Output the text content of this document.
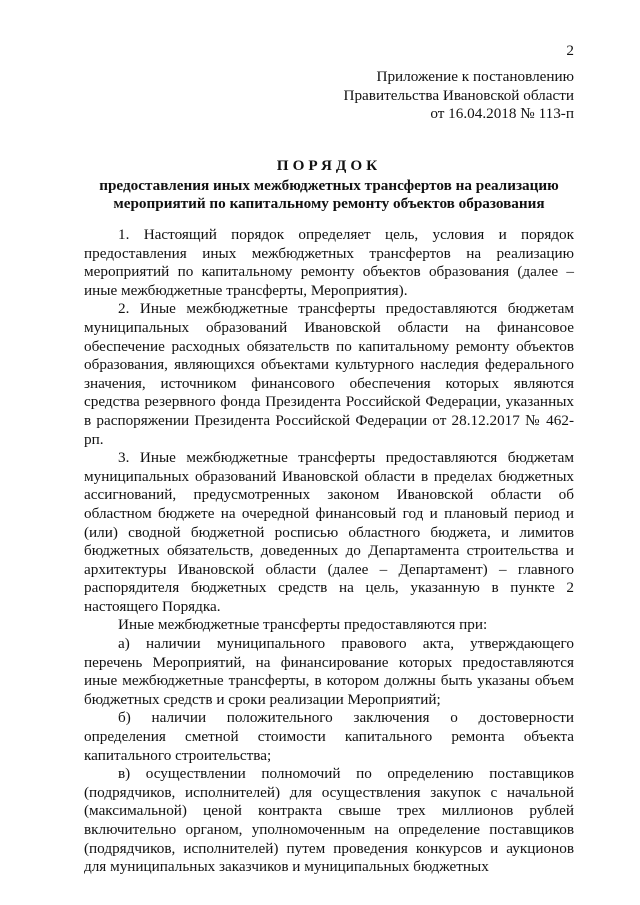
2
Приложение к постановлению
Правительства Ивановской области
от 16.04.2018 № 113-п
ПОРЯДОК
предоставления иных межбюджетных трансфертов на реализацию
мероприятий по капитальному ремонту объектов образования

1. Настоящий порядок определяет цель, условия и порядок предоставления иных межбюджетных трансфертов на реализацию мероприятий по капитальному ремонту объектов образования (далее – иные межбюджетные трансферты, Мероприятия).

2. Иные межбюджетные трансферты предоставляются бюджетам муниципальных образований Ивановской области на финансовое обеспечение расходных обязательств по капитальному ремонту объектов образования, являющихся объектами культурного наследия федерального значения, источником финансового обеспечения которых являются средства резервного фонда Президента Российской Федерации, указанных в распоряжении Президента Российской Федерации от 28.12.2017 № 462-рп.

3. Иные межбюджетные трансферты предоставляются бюджетам муниципальных образований Ивановской области в пределах бюджетных ассигнований, предусмотренных законом Ивановской области об областном бюджете на очередной финансовый год и плановый период и (или) сводной бюджетной росписью областного бюджета, и лимитов бюджетных обязательств, доведенных до Департамента строительства и архитектуры Ивановской области (далее – Департамент) – главного распорядителя бюджетных средств на цель, указанную в пункте 2 настоящего Порядка.

Иные межбюджетные трансферты предоставляются при:

а) наличии муниципального правового акта, утверждающего перечень Мероприятий, на финансирование которых предоставляются иные межбюджетные трансферты, в котором должны быть указаны объем бюджетных средств и сроки реализации Мероприятий;

б) наличии положительного заключения о достоверности определения сметной стоимости капитального ремонта объекта капитального строительства;

в) осуществлении полномочий по определению поставщиков (подрядчиков, исполнителей) для осуществления закупок с начальной (максимальной) ценой контракта свыше трех миллионов рублей включительно органом, уполномоченным на определение поставщиков (подрядчиков, исполнителей) путем проведения конкурсов и аукционов для муниципальных заказчиков и муниципальных бюджетных
